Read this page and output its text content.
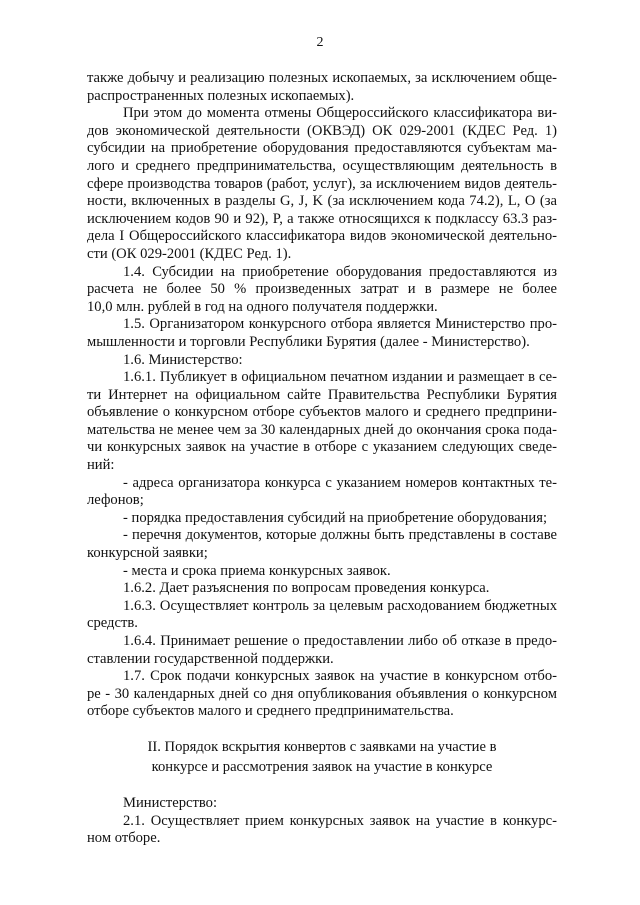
2
также добычу и реализацию полезных ископаемых, за исключением обще-
распространенных полезных ископаемых).
При этом до момента отмены Общероссийского классификатора ви-
дов экономической деятельности (ОКВЭД) ОК 029-2001 (КДЕС Ред. 1)
субсидии на приобретение оборудования предоставляются субъектам ма-
лого и среднего предпринимательства, осуществляющим деятельность в
сфере производства товаров (работ, услуг), за исключением видов деятель-
ности, включенных в разделы G, J, K (за исключением кода 74.2), L, O (за
исключением кодов 90 и 92), P, а также относящихся к подклассу 63.3 раз-
дела I Общероссийского классификатора видов экономической деятельно-
сти (ОК 029-2001 (КДЕС Ред. 1).
1.4. Субсидии на приобретение оборудования предоставляются из
расчета не более 50 % произведенных затрат и в размере не более
10,0 млн. рублей в год на одного получателя поддержки.
1.5. Организатором конкурсного отбора является Министерство про-
мышленности и торговли Республики Бурятия (далее - Министерство).
1.6. Министерство:
1.6.1. Публикует в официальном печатном издании и размещает в се-
ти Интернет на официальном сайте Правительства Республики Бурятия
объявление о конкурсном отборе субъектов малого и среднего предприни-
мательства не менее чем за 30 календарных дней до окончания срока пода-
чи конкурсных заявок на участие в отборе с указанием следующих сведе-
ний:
- адреса организатора конкурса с указанием номеров контактных те-
лефонов;
- порядка предоставления субсидий на приобретение оборудования;
- перечня документов, которые должны быть представлены в составе
конкурсной заявки;
- места и срока приема конкурсных заявок.
1.6.2. Дает разъяснения по вопросам проведения конкурса.
1.6.3. Осуществляет контроль за целевым расходованием бюджетных
средств.
1.6.4. Принимает решение о предоставлении либо об отказе в предо-
ставлении государственной поддержки.
1.7. Срок подачи конкурсных заявок на участие в конкурсном отбо-
ре - 30 календарных дней со дня опубликования объявления о конкурсном
отборе субъектов малого и среднего предпринимательства.
II. Порядок вскрытия конвертов с заявками на участие в
конкурсе и рассмотрения заявок на участие в конкурсе
Министерство:
2.1. Осуществляет прием конкурсных заявок на участие в конкурс-
ном отборе.
